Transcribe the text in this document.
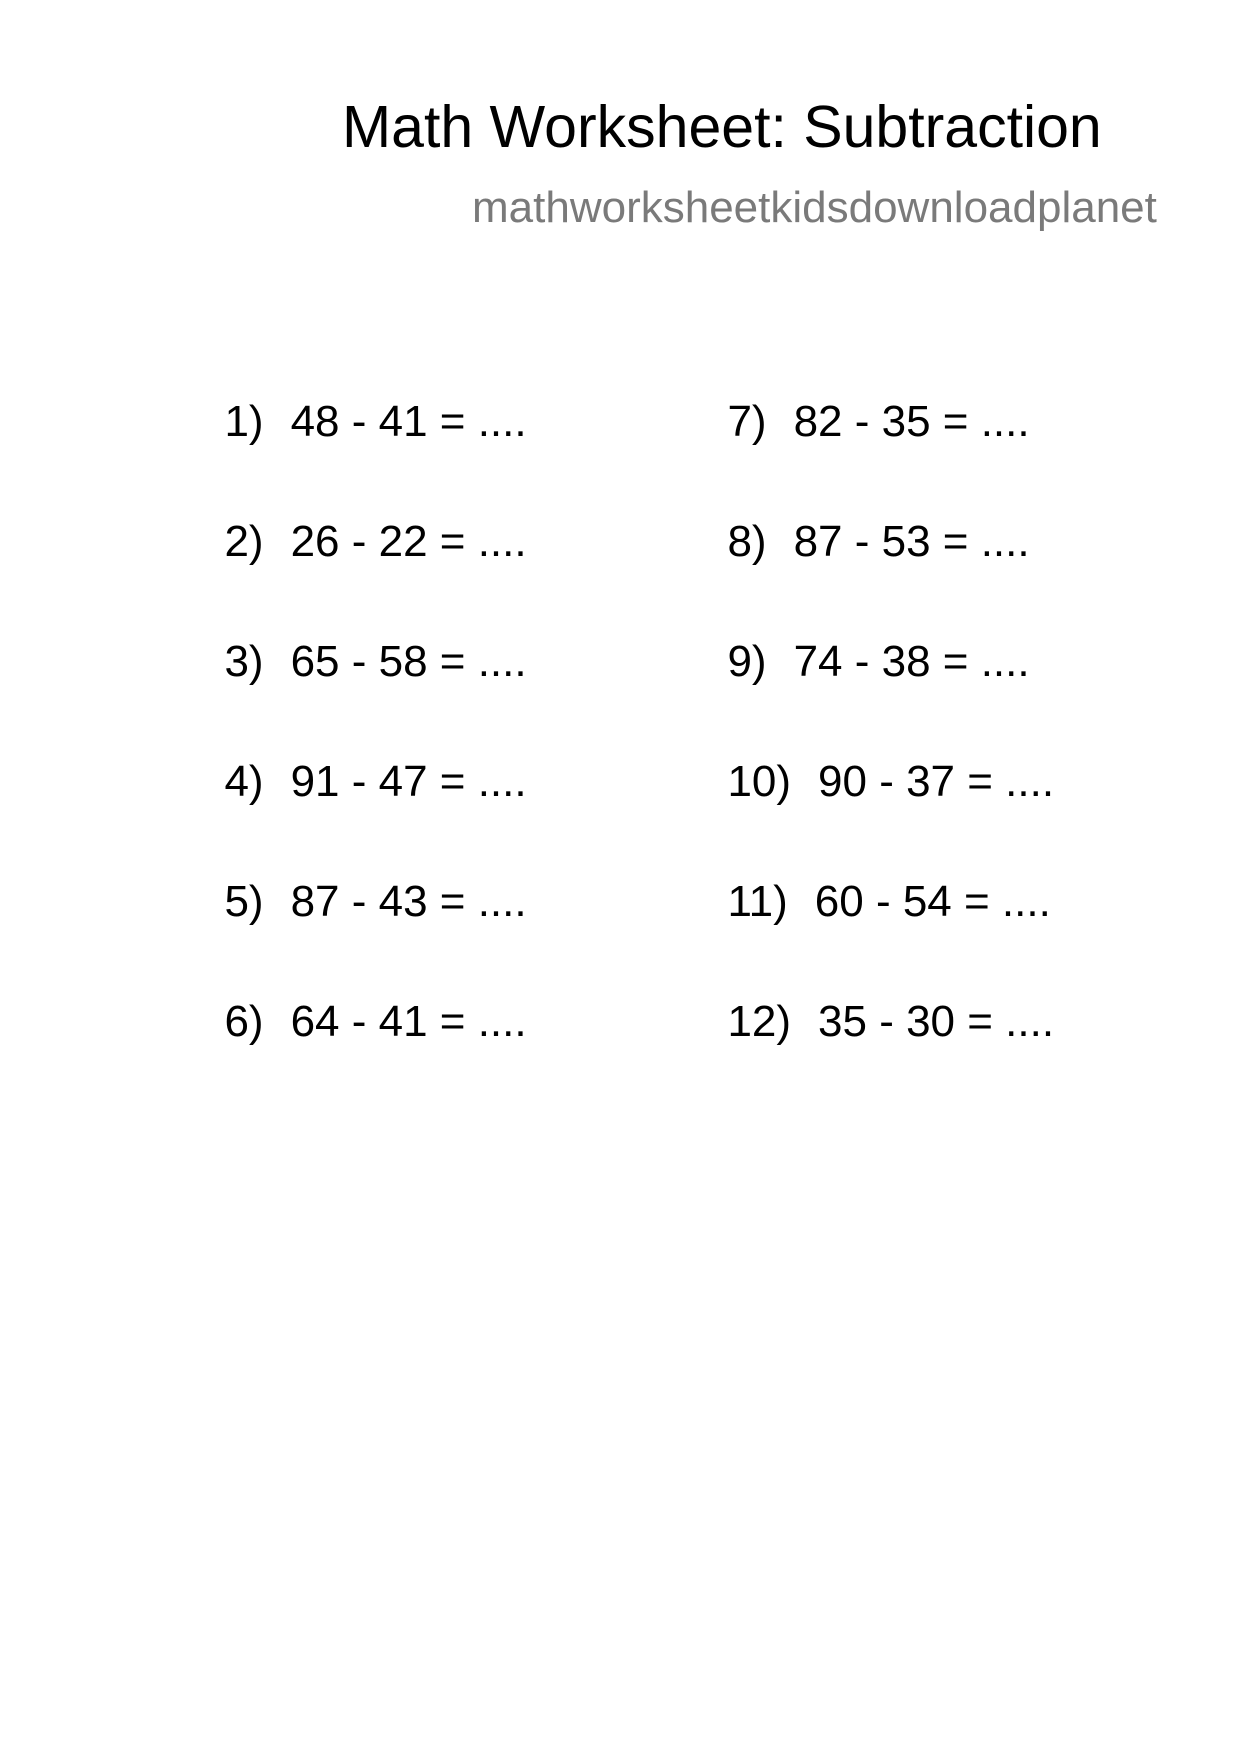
Math Worksheet: Subtraction
mathworksheetkidsdownloadplanet

1) 48 - 41 = ....

2) 26 - 22 = ....

3) 65 - 58 = ....

4) 91 - 47 = ....

5) 87 - 43 = ....

6) 64 - 41 = ....

7) 82 - 35 = ....

8) 87 - 53 = ....

9) 74 - 38 = ....

10) 90 - 37 = ....

11) 60 - 54 = ....

12) 35 - 30 = ....
